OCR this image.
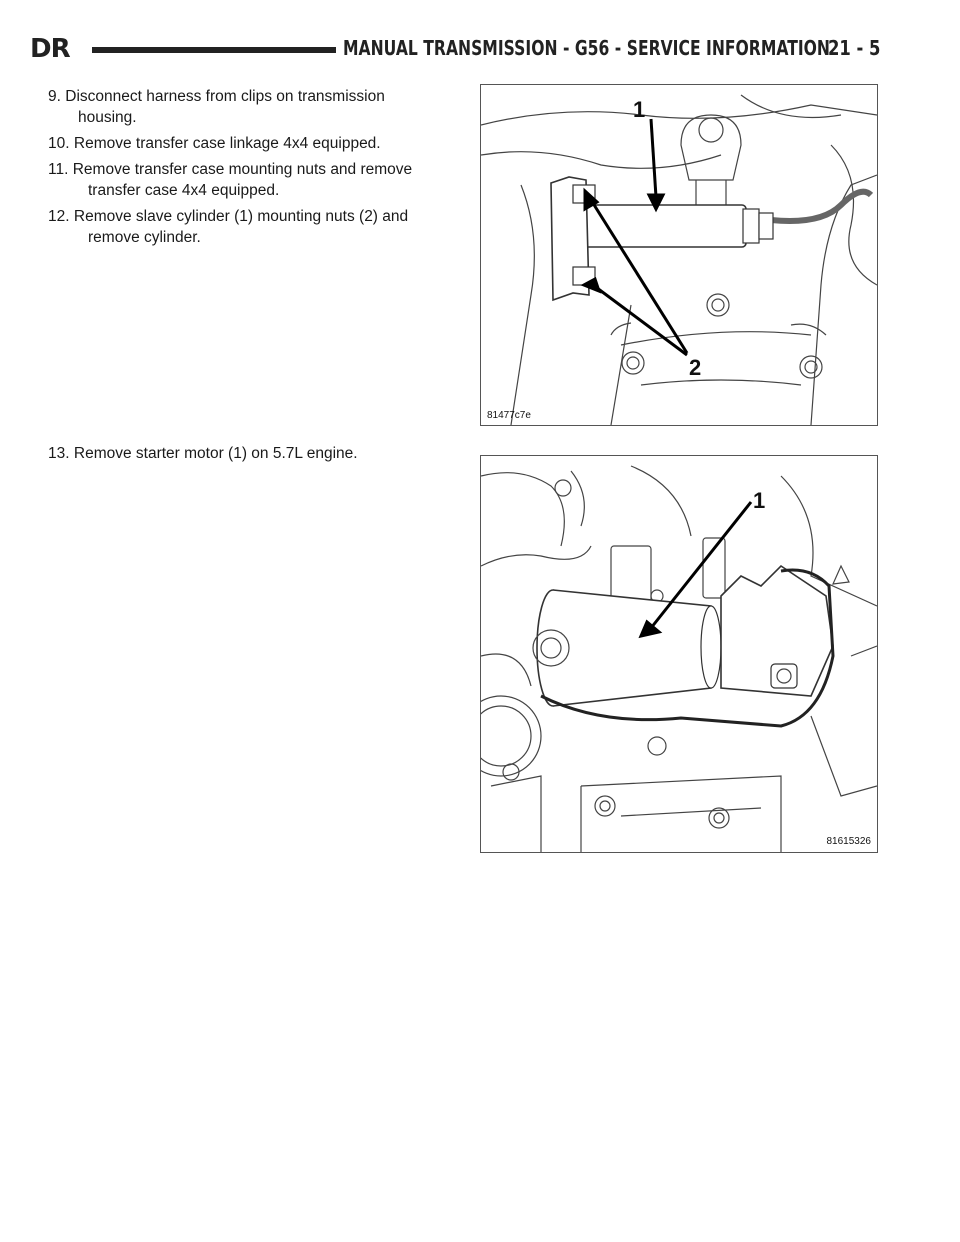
DR	MANUAL TRANSMISSION - G56 - SERVICE INFORMATION
21 - 5

9. Disconnect harness from clips on transmission
housing.

10. Remove transfer case linkage 4x4 equipped.

11. Remove transfer case mounting nuts and remove
transfer case 4x4 equipped.

12. Remove slave cylinder (1) mounting nuts (2) and
remove cylinder.

13. Remove starter motor (1) on 5.7L engine.

1
2
81477c7e
1
81615326
